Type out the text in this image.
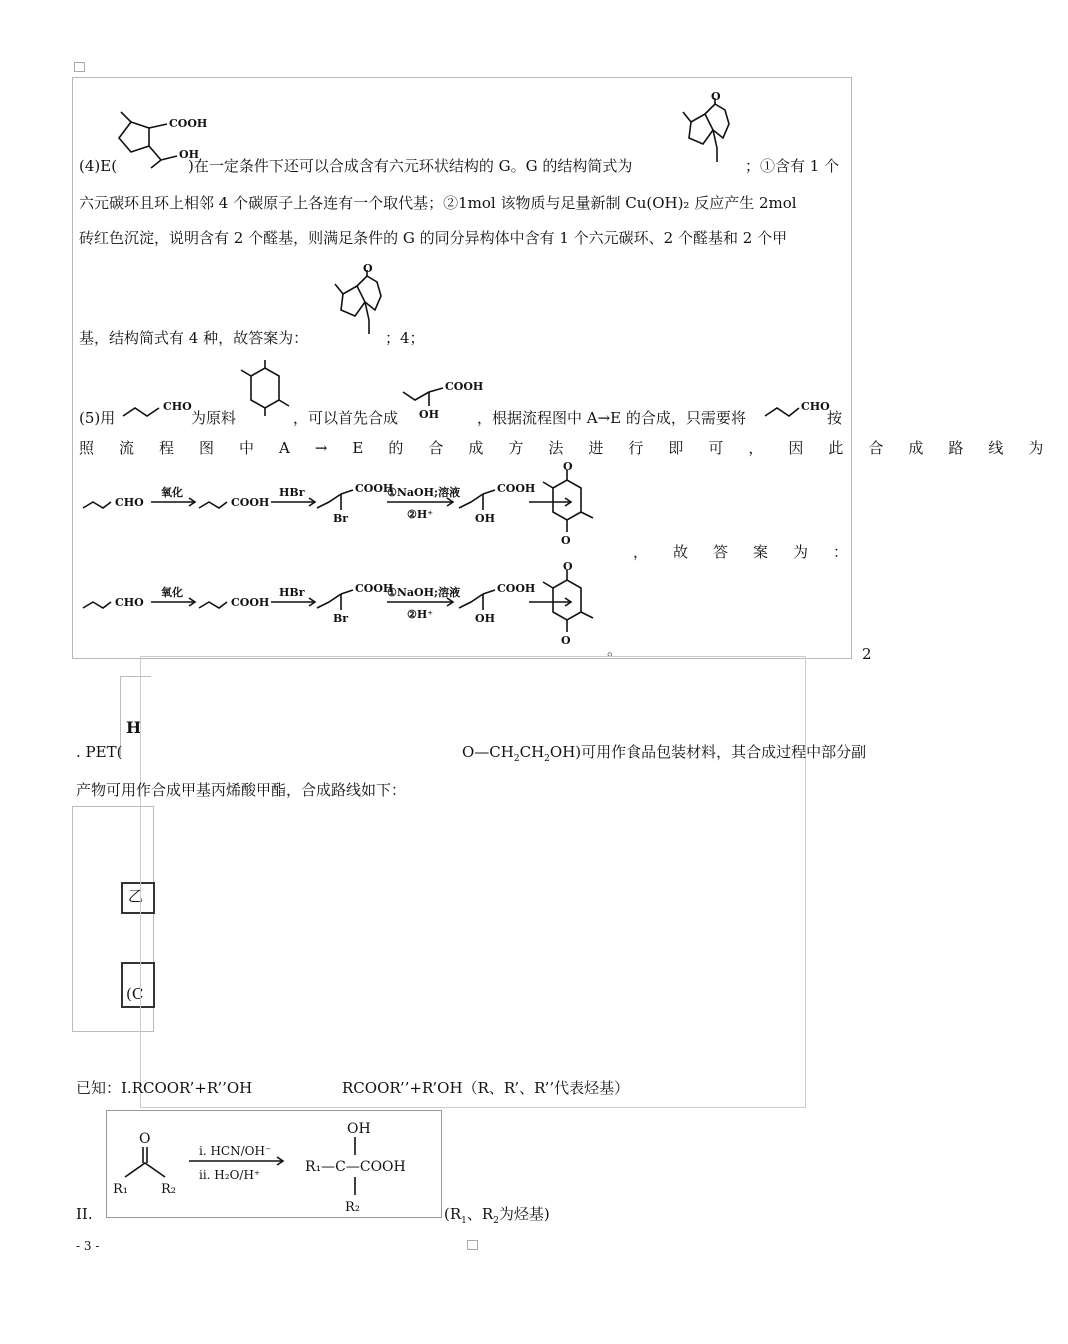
COOH
OH
(4)E(	)在一定条件下还可以合成含有六元环状结构的 G。G 的结构简式为
O
；①含有 1 个
六元碳环且环上相邻 4 个碳原子上各连有一个取代基；②1mol 该物质与足量新制 Cu(OH)₂ 反应产生 2mol
砖红色沉淀，说明含有 2 个醛基，则满足条件的 G 的同分异构体中含有 1 个六元碳环、2 个醛基和 2 个甲
O
基，结构简式有 4 种，故答案为：	；4；
CHO
(5)用	为原料	，可以首先合成
COOH
OH	，根据流程图中 A→E 的合成，只需要将
CHO
按
照流程图中A→E的合成方法进行即可，因此合成路线为
CHO
氧化
COOH
HBr	COOH
Br
①NaOH;溶液
②H⁺
COOH
OH
O
O
，故答案为：
CHO
氧化
COOH
HBr	COOH
Br
①NaOH;溶液
②H⁺
COOH
OH
O
O
。	2
H
乙
(C
. PET(	$O—CH_2CH_2OH$)可用作食品包装材料，其合成过程中部分副
产物可用作合成甲基丙烯酸甲酯，合成路线如下：
已知：I.RCOOR’+R’’OH	RCOOR’’+R’OH（R、R’、R’’代表烃基）
O
R₁	R₂
ⅰ. HCN/OH⁻
ⅱ. H₂O/H⁺
OH
R₁—C—COOH
R₂
II.	($R_1$、$R_2$为烃基)
- 3 -
